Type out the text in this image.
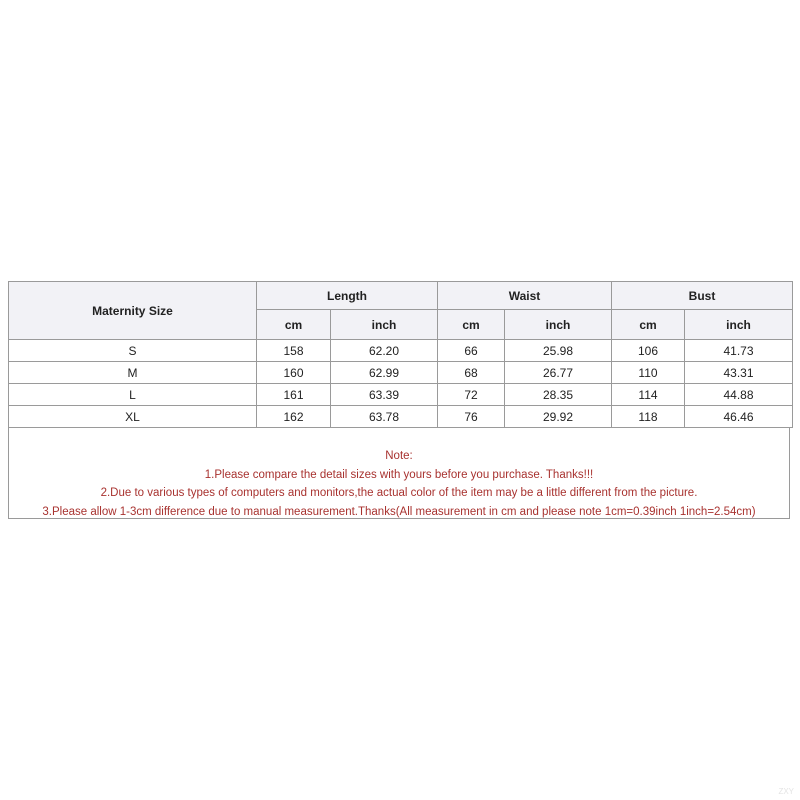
Maternity Size	Length		Waist		Bust	
	cm	inch	cm	inch	cm	inch
S	158	62.20	66	25.98	106	41.73
M	160	62.99	68	26.77	110	43.31
L	161	63.39	72	28.35	114	44.88
XL	162	63.78	76	29.92	118	46.46
Note:
1.Please compare the detail sizes with yours before you purchase. Thanks!!!
2.Due to various types of computers and monitors,the actual color of the item may be a little different from the picture.
3.Please allow 1-3cm difference due to manual measurement.Thanks(All measurement in cm and please note 1cm=0.39inch 1inch=2.54cm)
ZXY
